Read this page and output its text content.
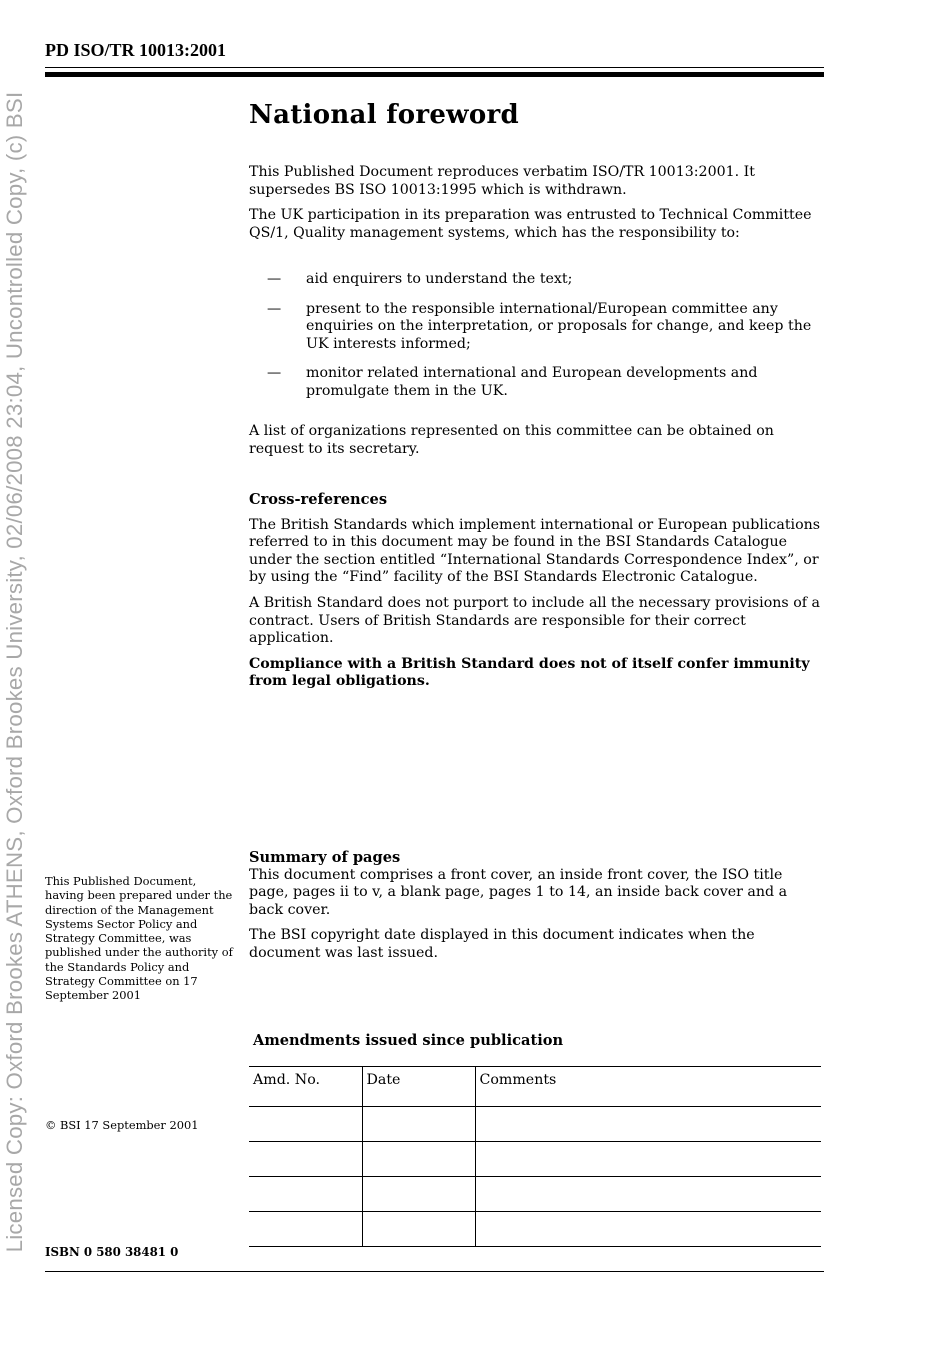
Licensed Copy: Oxford Brookes ATHENS, Oxford Brookes University, 02/06/2008 23:04, Uncontrolled Copy, (c) BSI
PD ISO/TR 10013:2001
National foreword

This Published Document reproduces verbatim ISO/TR 10013:2001. It supersedes BS ISO 10013:1995 which is withdrawn.

The UK participation in its preparation was entrusted to Technical Committee QS/1, Quality management systems, which has the responsibility to:

—	aid enquirers to understand the text;
—	present to the responsible international/European committee any enquiries on the interpretation, or proposals for change, and keep the UK interests informed;
—	monitor related international and European developments and promulgate them in the UK.

A list of organizations represented on this committee can be obtained on request to its secretary.

Cross-references

The British Standards which implement international or European publications referred to in this document may be found in the BSI Standards Catalogue under the section entitled “International Standards Correspondence Index”, or by using the “Find” facility of the BSI Standards Electronic Catalogue.

A British Standard does not purport to include all the necessary provisions of a contract. Users of British Standards are responsible for their correct application.

Compliance with a British Standard does not of itself confer immunity from legal obligations.

Summary of pages

This document comprises a front cover, an inside front cover, the ISO title page, pages ii to v, a blank page, pages 1 to 14, an inside back cover and a back cover.

The BSI copyright date displayed in this document indicates when the document was last issued.

This Published Document, having been prepared under the direction of the Management Systems Sector Policy and Strategy Committee, was published under the authority of the Standards Policy and Strategy Committee on 17 September 2001
Amendments issued since publication
Amd. No.	Date	Comments

© BSI 17 September 2001
ISBN 0 580 38481 0
